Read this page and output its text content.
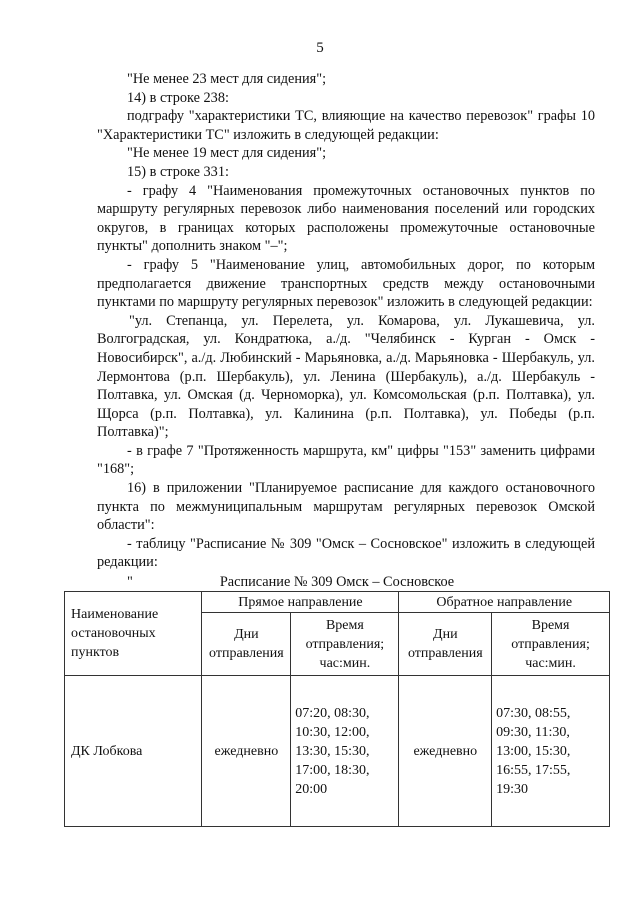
5

"Не менее 23 мест для сидения";

14) в строке 238:

подграфу "характеристики ТС, влияющие на качество перевозок" графы 10 "Характеристики ТС" изложить в следующей редакции:

"Не менее 19 мест для сидения";

15) в строке 331:

- графу 4 "Наименования промежуточных остановочных пунктов по маршруту регулярных перевозок либо наименования поселений или городских округов, в границах которых расположены промежуточные остановочные пункты" дополнить знаком "–";

- графу 5 "Наименование улиц, автомобильных дорог, по которым предполагается движение транспортных средств между остановочными пунктами по маршруту регулярных перевозок" изложить в следующей редакции:

"ул. Степанца, ул. Перелета, ул. Комарова, ул. Лукашевича, ул. Волгоградская, ул. Кондратюка, а./д. "Челябинск - Курган - Омск - Новосибирск", а./д. Любинский - Марьяновка, а./д. Марьяновка - Шербакуль, ул. Лермонтова (р.п. Шербакуль), ул. Ленина (Шербакуль), а./д. Шербакуль - Полтавка, ул. Омская (д. Черноморка), ул. Комсомольская (р.п. Полтавка), ул. Щорса (р.п. Полтавка), ул. Калинина (р.п. Полтавка), ул. Победы (р.п. Полтавка)";

- в графе 7 "Протяженность маршрута, км" цифры "153" заменить цифрами "168";

16) в приложении "Планируемое расписание для каждого остановочного пункта по межмуниципальным маршрутам регулярных перевозок Омской области":

- таблицу "Расписание № 309 "Омск – Сосновское" изложить в следующей редакции:

"	Расписание № 309 Омск – Сосновское
Наименование остановочных пунктов	Прямое направление		Обратное направление	
	Дни отправления	Время отправления; час:мин.	Дни отправления	Время отправления; час:мин.
ДК Лобкова	ежедневно	07:20, 08:30,
10:30, 12:00,
13:30, 15:30,
17:00, 18:30,
20:00	ежедневно	07:30, 08:55,
09:30, 11:30,
13:00, 15:30,
16:55, 17:55,
19:30
